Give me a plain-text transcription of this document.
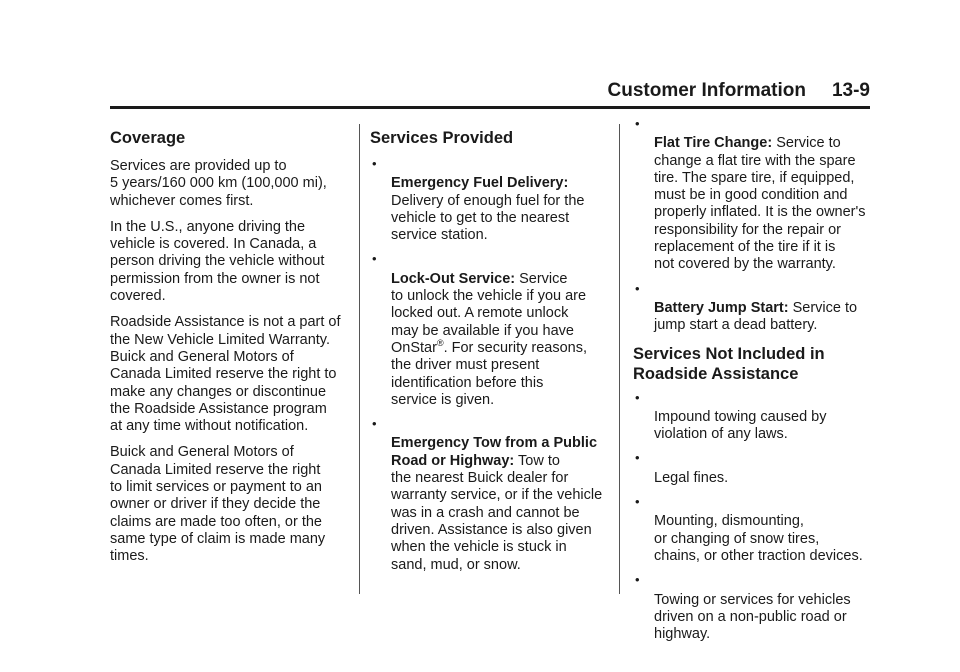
Customer Information 13-9
Coverage

Services are provided up to
5 years/160 000 km (100,000 mi),
whichever comes first.

In the U.S., anyone driving the
vehicle is covered. In Canada, a
person driving the vehicle without
permission from the owner is not
covered.

Roadside Assistance is not a part of
the New Vehicle Limited Warranty.
Buick and General Motors of
Canada Limited reserve the right to
make any changes or discontinue
the Roadside Assistance program
at any time without notification.

Buick and General Motors of
Canada Limited reserve the right
to limit services or payment to an
owner or driver if they decide the
claims are made too often, or the
same type of claim is made many
times.

Services Provided

•
Emergency Fuel Delivery:
Delivery of enough fuel for the
vehicle to get to the nearest
service station.

•
Lock-Out Service: Service
to unlock the vehicle if you are
locked out. A remote unlock
may be available if you have
OnStar®. For security reasons,
the driver must present
identification before this
service is given.

•
Emergency Tow from a Public
Road or Highway: Tow to
the nearest Buick dealer for
warranty service, or if the vehicle
was in a crash and cannot be
driven. Assistance is also given
when the vehicle is stuck in
sand, mud, or snow.

•
Flat Tire Change: Service to
change a flat tire with the spare
tire. The spare tire, if equipped,
must be in good condition and
properly inflated. It is the owner's
responsibility for the repair or
replacement of the tire if it is
not covered by the warranty.

•
Battery Jump Start: Service to
jump start a dead battery.

Services Not Included in
Roadside Assistance

•
Impound towing caused by
violation of any laws.

•
Legal fines.

•
Mounting, dismounting,
or changing of snow tires,
chains, or other traction devices.

•
Towing or services for vehicles
driven on a non-public road or
highway.
